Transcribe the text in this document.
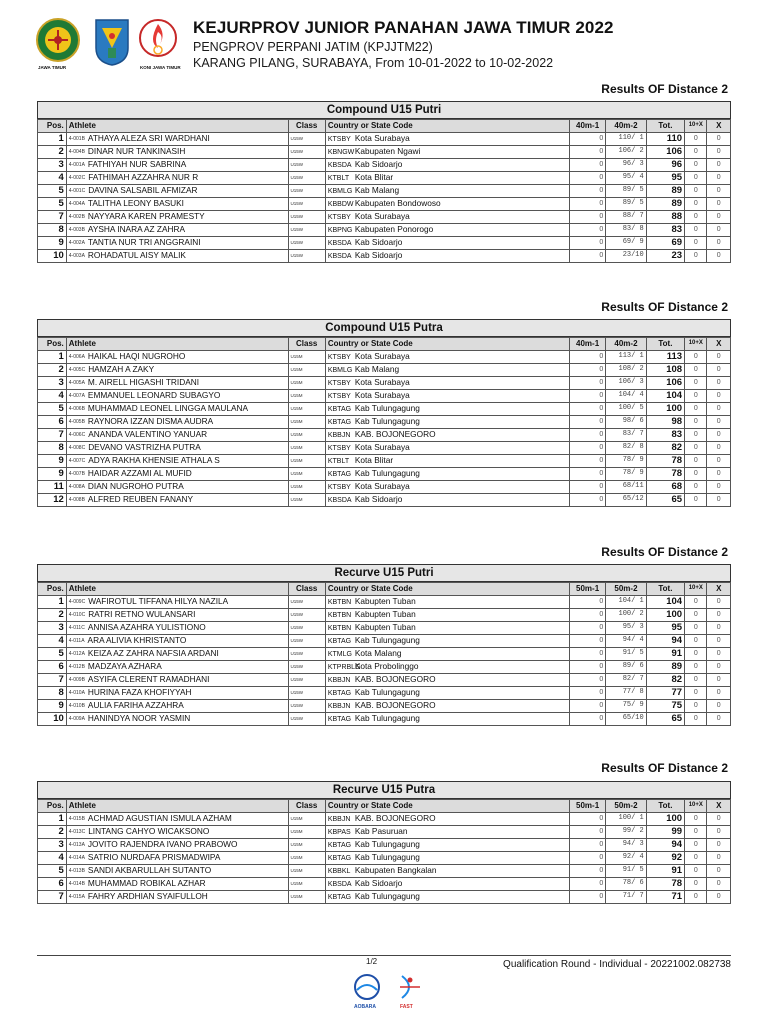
JAWA TIMUR	KONI JAWA TIMUR
KEJURPROV JUNIOR PANAHAN JAWA TIMUR 2022
PENGPROV PERPANI JATIM (KPJJTM22)
KARANG PILANG, SURABAYA, From 10-01-2022 to 10-02-2022
Results OF Distance 2
Compound U15 Putri
Pos.	Athlete	Class	Country or State Code	40m-1	40m-2	Tot.	10+X	X
1	4-001B ATHAYA ALEZA SRI WARDHANI	U15W	KTSBY Kota Surabaya	0	110/ 1	110	0	0
2	4-004B DINAR NUR TANKINASIH	U15W	KBNGWKabupaten Ngawi	0	106/ 2	106	0	0
3	4-001A FATHIYAH NUR SABRINA	U15W	KBSDA Kab Sidoarjo	0	96/ 3	96	0	0
4	4-002C FATHIMAH AZZAHRA NUR R	U15W	KTBLT Kota Blitar	0	95/ 4	95	0	0
5	4-001C DAVINA SALSABIL AFMIZAR	U15W	KBMLG Kab Malang	0	89/ 5	89	0	0
5	4-004A TALITHA LEONY BASUKI	U15W	KBBDWKabupaten Bondowoso	0	89/ 5	89	0	0
7	4-002B NAYYARA KAREN PRAMESTY	U15W	KTSBY Kota Surabaya	0	88/ 7	88	0	0
8	4-003B AYSHA INARA AZ ZAHRA	U15W	KBPNG Kabupaten Ponorogo	0	83/ 8	83	0	0
9	4-002A TANTIA NUR TRI ANGGRAINI	U15W	KBSDA Kab Sidoarjo	0	69/ 9	69	0	0
10	4-003A ROHADATUL AISY MALIK	U15W	KBSDA Kab Sidoarjo	0	23/10	23	0	0
Results OF Distance 2
Compound U15 Putra
Pos.	Athlete	Class	Country or State Code	40m-1	40m-2	Tot.	10+X	X
1	4-006A HAIKAL HAQI NUGROHO	U15M	KTSBY Kota Surabaya	0	113/ 1	113	0	0
2	4-005C HAMZAH A ZAKY	U15M	KBMLG Kab Malang	0	108/ 2	108	0	0
3	4-005A M. AIRELL HIGASHI TRIDANI	U15M	KTSBY Kota Surabaya	0	106/ 3	106	0	0
4	4-007A EMMANUEL LEONARD SUBAGYO	U15M	KTSBY Kota Surabaya	0	104/ 4	104	0	0
5	4-006B MUHAMMAD LEONEL LINGGA MAULANA	U15M	KBTAG Kab Tulungagung	0	100/ 5	100	0	0
6	4-005B RAYNORA IZZAN DISMA AUDRA	U15M	KBTAG Kab Tulungagung	0	98/ 6	98	0	0
7	4-006C ANANDA VALENTINO YANUAR	U15M	KBBJN KAB. BOJONEGORO	0	83/ 7	83	0	0
8	4-008C DEVANO VASTRIZHA PUTRA	U15M	KTSBY Kota Surabaya	0	82/ 8	82	0	0
9	4-007C ADYA RAKHA KHENSIE ATHALA S	U15M	KTBLT Kota Blitar	0	78/ 9	78	0	0
9	4-007B HAIDAR AZZAMI AL MUFID	U15M	KBTAG Kab Tulungagung	0	78/ 9	78	0	0
11	4-008A DIAN NUGROHO PUTRA	U15M	KTSBY Kota Surabaya	0	68/11	68	0	0
12	4-008B ALFRED REUBEN FANANY	U15M	KBSDA Kab Sidoarjo	0	65/12	65	0	0
Results OF Distance 2
Recurve U15 Putri
Pos.	Athlete	Class	Country or State Code	50m-1	50m-2	Tot.	10+X	X
1	4-009C WAFIROTUL TIFFANA HILYA NAZILA	U15W	KBTBN Kabupten Tuban	0	104/ 1	104	0	0
2	4-010C RATRI RETNO WULANSARI	U15W	KBTBN Kabupten Tuban	0	100/ 2	100	0	0
3	4-011C ANNISA AZAHRA YULISTIONO	U15W	KBTBN Kabupten Tuban	0	95/ 3	95	0	0
4	4-011A ARA ALIVIA KHRISTANTO	U15W	KBTAG Kab Tulungagung	0	94/ 4	94	0	0
5	4-012A KEIZA AZ ZAHRA NAFSIA ARDANI	U15W	KTMLG Kota Malang	0	91/ 5	91	0	0
6	4-012B MADZAYA AZHARA	U15W	KTPRBLGKota Probolinggo	0	89/ 6	89	0	0
7	4-009B ASYIFA CLERENT RAMADHANI	U15W	KBBJN KAB. BOJONEGORO	0	82/ 7	82	0	0
8	4-010A HURINA FAZA KHOFIYYAH	U15W	KBTAG Kab Tulungagung	0	77/ 8	77	0	0
9	4-010B AULIA FARIHA AZZAHRA	U15W	KBBJN KAB. BOJONEGORO	0	75/ 9	75	0	0
10	4-009A HANINDYA NOOR YASMIN	U15W	KBTAG Kab Tulungagung	0	65/10	65	0	0
Results OF Distance 2
Recurve U15 Putra
Pos.	Athlete	Class	Country or State Code	50m-1	50m-2	Tot.	10+X	X
1	4-015B ACHMAD AGUSTIAN ISMULA AZHAM	U15M	KBBJN KAB. BOJONEGORO	0	100/ 1	100	0	0
2	4-013C LINTANG CAHYO WICAKSONO	U15M	KBPAS Kab Pasuruan	0	99/ 2	99	0	0
3	4-013A JOVITO RAJENDRA IVANO PRABOWO	U15M	KBTAG Kab Tulungagung	0	94/ 3	94	0	0
4	4-014A SATRIO NURDAFA PRISMADWIPA	U15M	KBTAG Kab Tulungagung	0	92/ 4	92	0	0
5	4-013B SANDI AKBARULLAH SUTANTO	U15M	KBBKL Kabupaten Bangkalan	0	91/ 5	91	0	0
6	4-014B MUHAMMAD ROBIKAL AZHAR	U15M	KBSDA Kab Sidoarjo	0	78/ 6	78	0	0
7	4-015A FAHRY ARDHIAN SYAIFULLOH	U15M	KBTAG Kab Tulungagung	0	71/ 7	71	0	0
1/2	Qualification Round - Individual - 20221002.082738
AOBARA	FAST
